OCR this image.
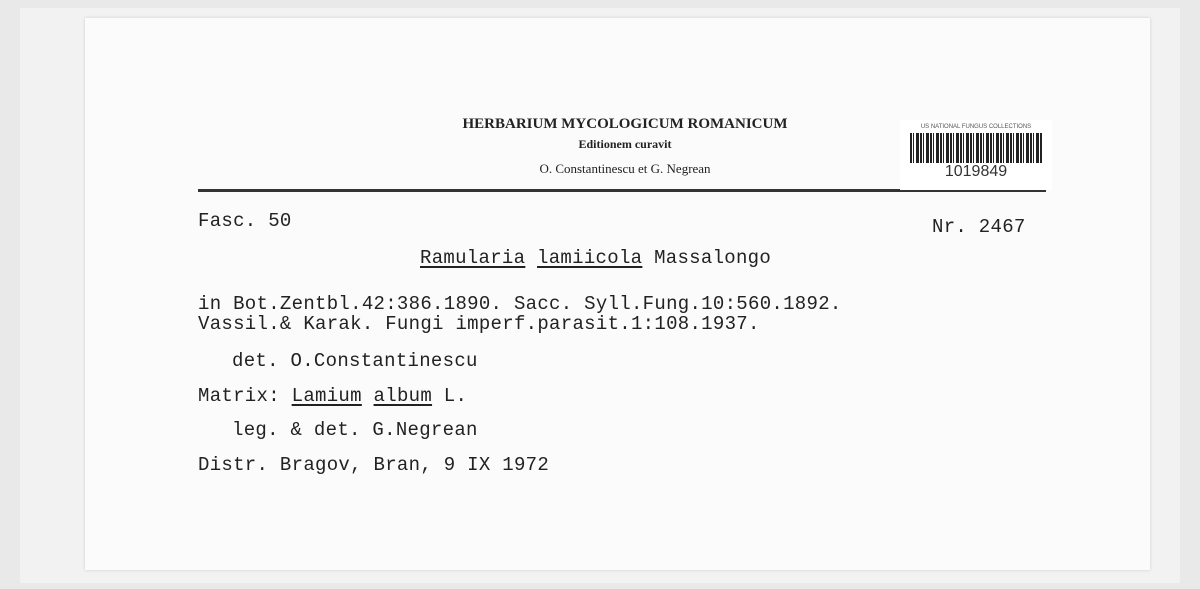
HERBARIUM MYCOLOGICUM ROMANICUM
Editionem curavit
O. Constantinescu et G. Negrean
US NATIONAL FUNGUS COLLECTIONS
1019849
Fasc. 50	Nr. 2467
Ramularia lamiicola Massalongo
in Bot.Zentbl.42:386.1890. Sacc. Syll.Fung.10:560.1892.
Vassil.& Karak. Fungi imperf.parasit.1:108.1937.
det. O.Constantinescu
Matrix: Lamium album L.
leg. & det. G.Negrean
Distr. Bragov, Bran, 9 IX 1972
